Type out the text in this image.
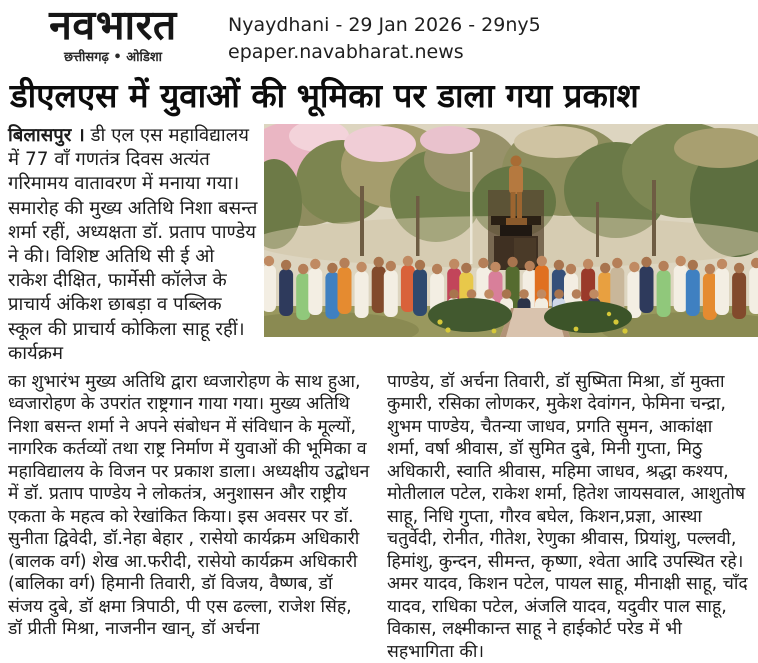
नवभारत
छत्तीसगढ़ • ओडिशा
Nyaydhani - 29 Jan 2026 - 29ny5
epaper.navabharat.news
डीएलएस में युवाओं की भूमिका पर डाला गया प्रकाश

बिलासपुर । डी एल एस महाविद्यालय में 77 वाँ गणतंत्र दिवस अत्यंत गरिमामय वातावरण में मनाया गया। समारोह की मुख्य अतिथि निशा बसन्त शर्मा रहीं, अध्यक्षता डॉ. प्रताप पाण्डेय ने की। विशिष्ट अतिथि सी ई ओ राकेश दीक्षित, फार्मेसी कॉलेज के प्राचार्य अंकिश छाबड़ा व पब्लिक स्कूल की प्राचार्य कोकिला साहू रहीं। कार्यक्रम

का शुभारंभ मुख्य अतिथि द्वारा ध्वजारोहण के साथ हुआ, ध्वजारोहण के उपरांत राष्ट्रगान गाया गया। मुख्य अतिथि निशा बसन्त शर्मा ने अपने संबोधन में संविधान के मूल्यों, नागरिक कर्तव्यों तथा राष्ट्र निर्माण में युवाओं की भूमिका व महाविद्यालय के विजन पर प्रकाश डाला। अध्यक्षीय उद्बोधन में डॉ. प्रताप पाण्डेय ने लोकतंत्र, अनुशासन और राष्ट्रीय एकता के महत्व को रेखांकित किया। इस अवसर पर डॉ. सुनीता द्विवेदी, डॉ.नेहा बेहार , रासेयो कार्यक्रम अधिकारी (बालक वर्ग) शेख आ.फरीदी, रासेयो कार्यक्रम अधिकारी (बालिका वर्ग) हिमानी तिवारी, डॉ विजय, वैष्णब, डॉ संजय दुबे, डॉ क्षमा त्रिपाठी, पी एस ढल्ला, राजेश सिंह, डॉ प्रीती मिश्रा, नाजनीन खान्, डॉ अर्चना

पाण्डेय, डॉ अर्चना तिवारी, डॉ सुष्मिता मिश्रा, डॉ मुक्ता कुमारी, रसिका लोणकर, मुकेश देवांगन, फेमिना चन्द्रा, शुभम पाण्डेय, चैतन्या जाधव, प्रगति सुमन, आकांक्षा शर्मा, वर्षा श्रीवास, डॉ सुमित दुबे, मिनी गुप्ता, मिठु अधिकारी, स्वाति श्रीवास, महिमा जाधव, श्रद्धा कश्यप, मोतीलाल पटेल, राकेश शर्मा, हितेश जायसवाल, आशुतोष साहू, निधि गुप्ता, गौरव बघेल, किशन,प्रज्ञा, आस्था चतुर्वेदी, रोनीत, गीतेश, रेणुका श्रीवास, प्रियांशु, पल्लवी, हिमांशु, कुन्दन, सीमन्त, कृष्णा, श्वेता आदि उपस्थित रहे। अमर यादव, किशन पटेल, पायल साहू, मीनाक्षी साहू, चाँद यादव, राधिका पटेल, अंजलि यादव, यदुवीर पाल साहू, विकास, लक्ष्मीकान्त साहू ने हाईकोर्ट परेड में भी सहभागिता की।
